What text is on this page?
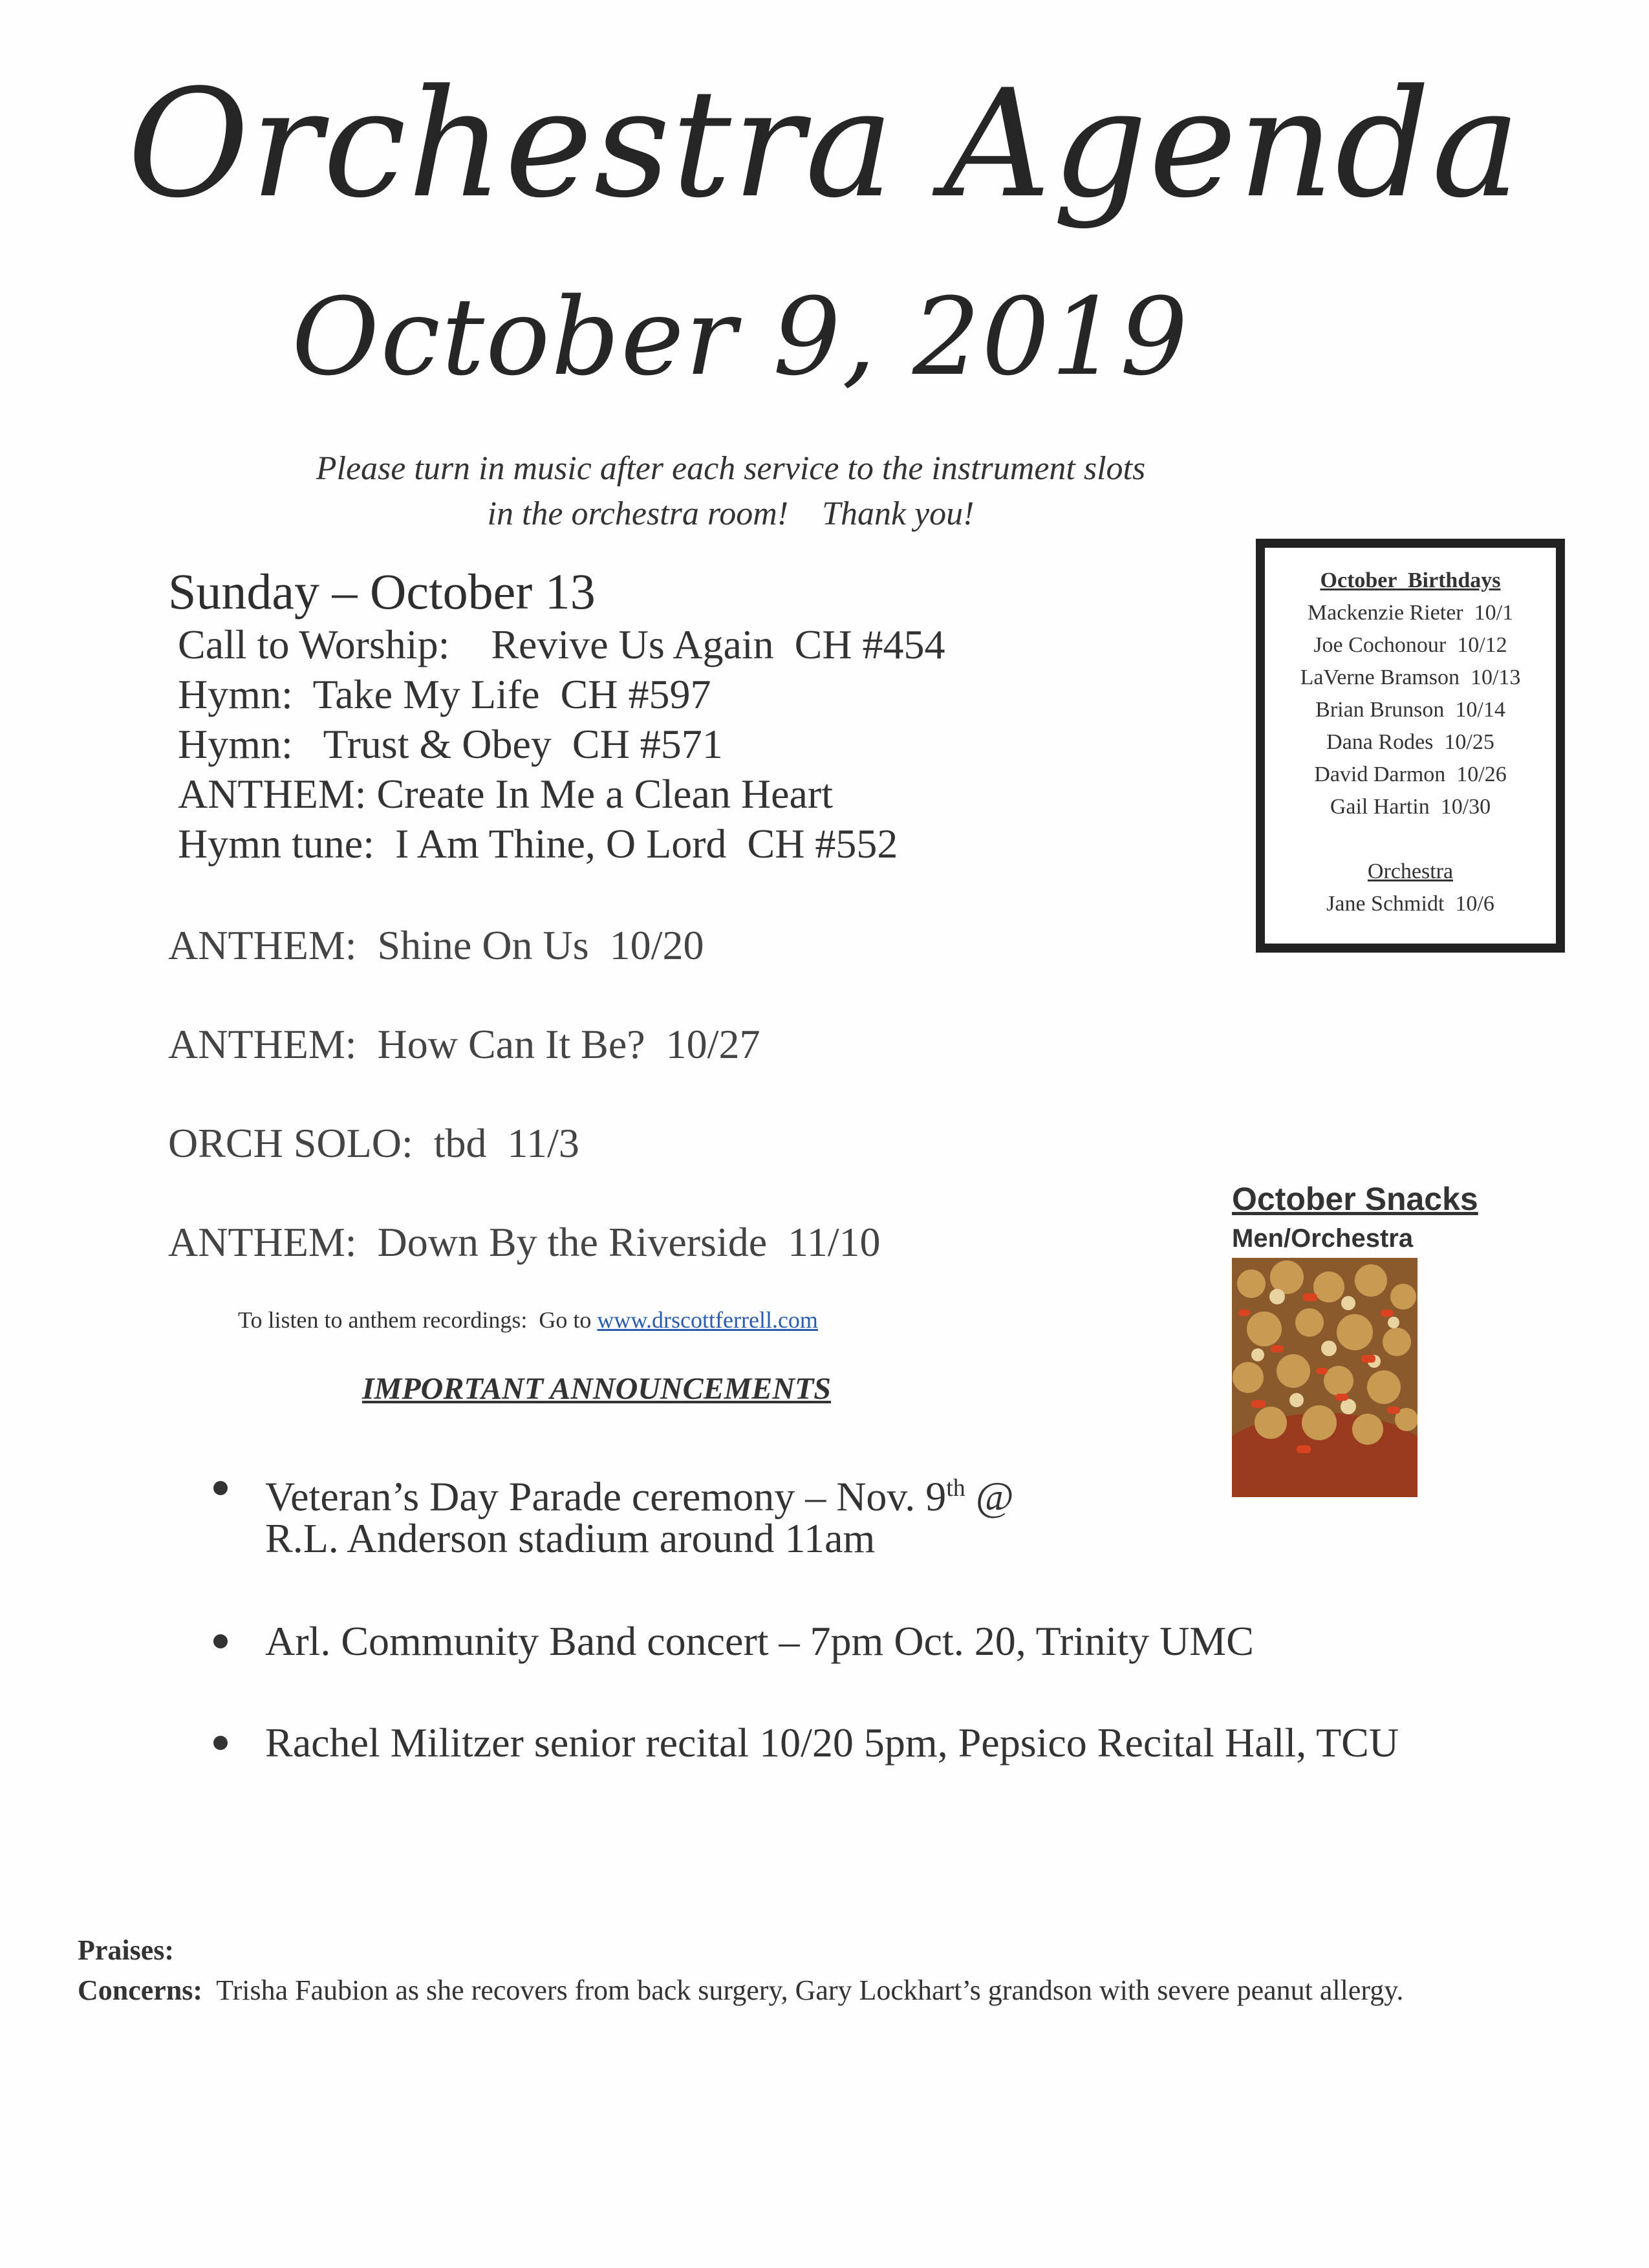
Orchestra Agenda
October 9, 2019
Please turn in music after each service to the instrument slots
in the orchestra room!    Thank you!
Sunday – October 13
Call to Worship:    Revive Us Again  CH #454
Hymn:  Take My Life  CH #597
Hymn:   Trust & Obey  CH #571
ANTHEM: Create In Me a Clean Heart
Hymn tune:  I Am Thine, O Lord  CH #552
ANTHEM:  Shine On Us  10/20
ANTHEM:  How Can It Be?  10/27
ORCH SOLO:  tbd  11/3
ANTHEM:  Down By the Riverside  11/10
To listen to anthem recordings:  Go to www.drscottferrell.com
IMPORTANT ANNOUNCEMENTS
Veteran’s Day Parade ceremony – Nov. 9th @
R.L. Anderson stadium around 11am
Arl. Community Band concert – 7pm Oct. 20, Trinity UMC
Rachel Militzer senior recital 10/20 5pm, Pepsico Recital Hall, TCU
October  Birthdays
Mackenzie Rieter  10/1
Joe Cochonour  10/12
LaVerne Bramson  10/13
Brian Brunson  10/14
Dana Rodes  10/25
David Darmon  10/26
Gail Hartin  10/30
Orchestra
Jane Schmidt  10/6
October Snacks
Men/Orchestra
Praises:
Concerns:  Trisha Faubion as she recovers from back surgery, Gary Lockhart’s grandson with severe peanut allergy.
